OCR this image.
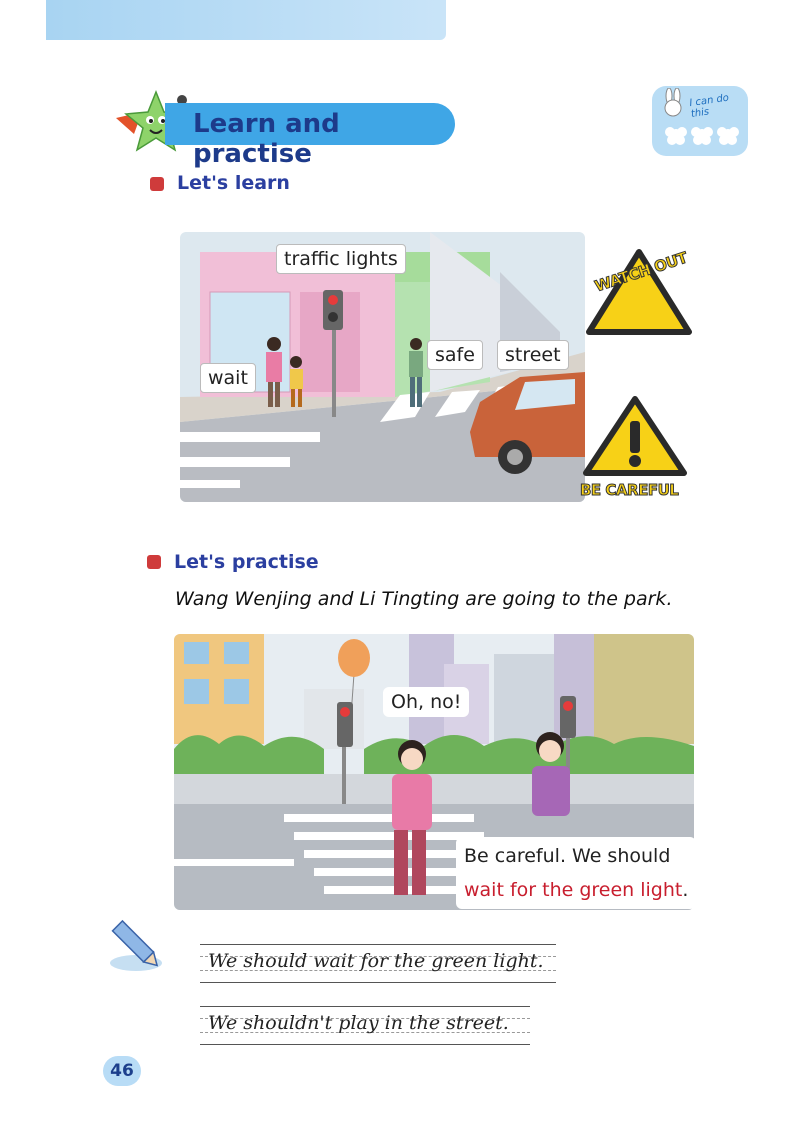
Learn and practise
I can do this
Let's learn
traffic lights
wait
safe	street
WATCH OUT
BE CAREFUL
Let's practise
Wang Wenjing and Li Tingting are going to the park.
Oh, no!
Be careful. We should
wait for the green light.
We should wait for the green light.
We shouldn't play in the street.
46
